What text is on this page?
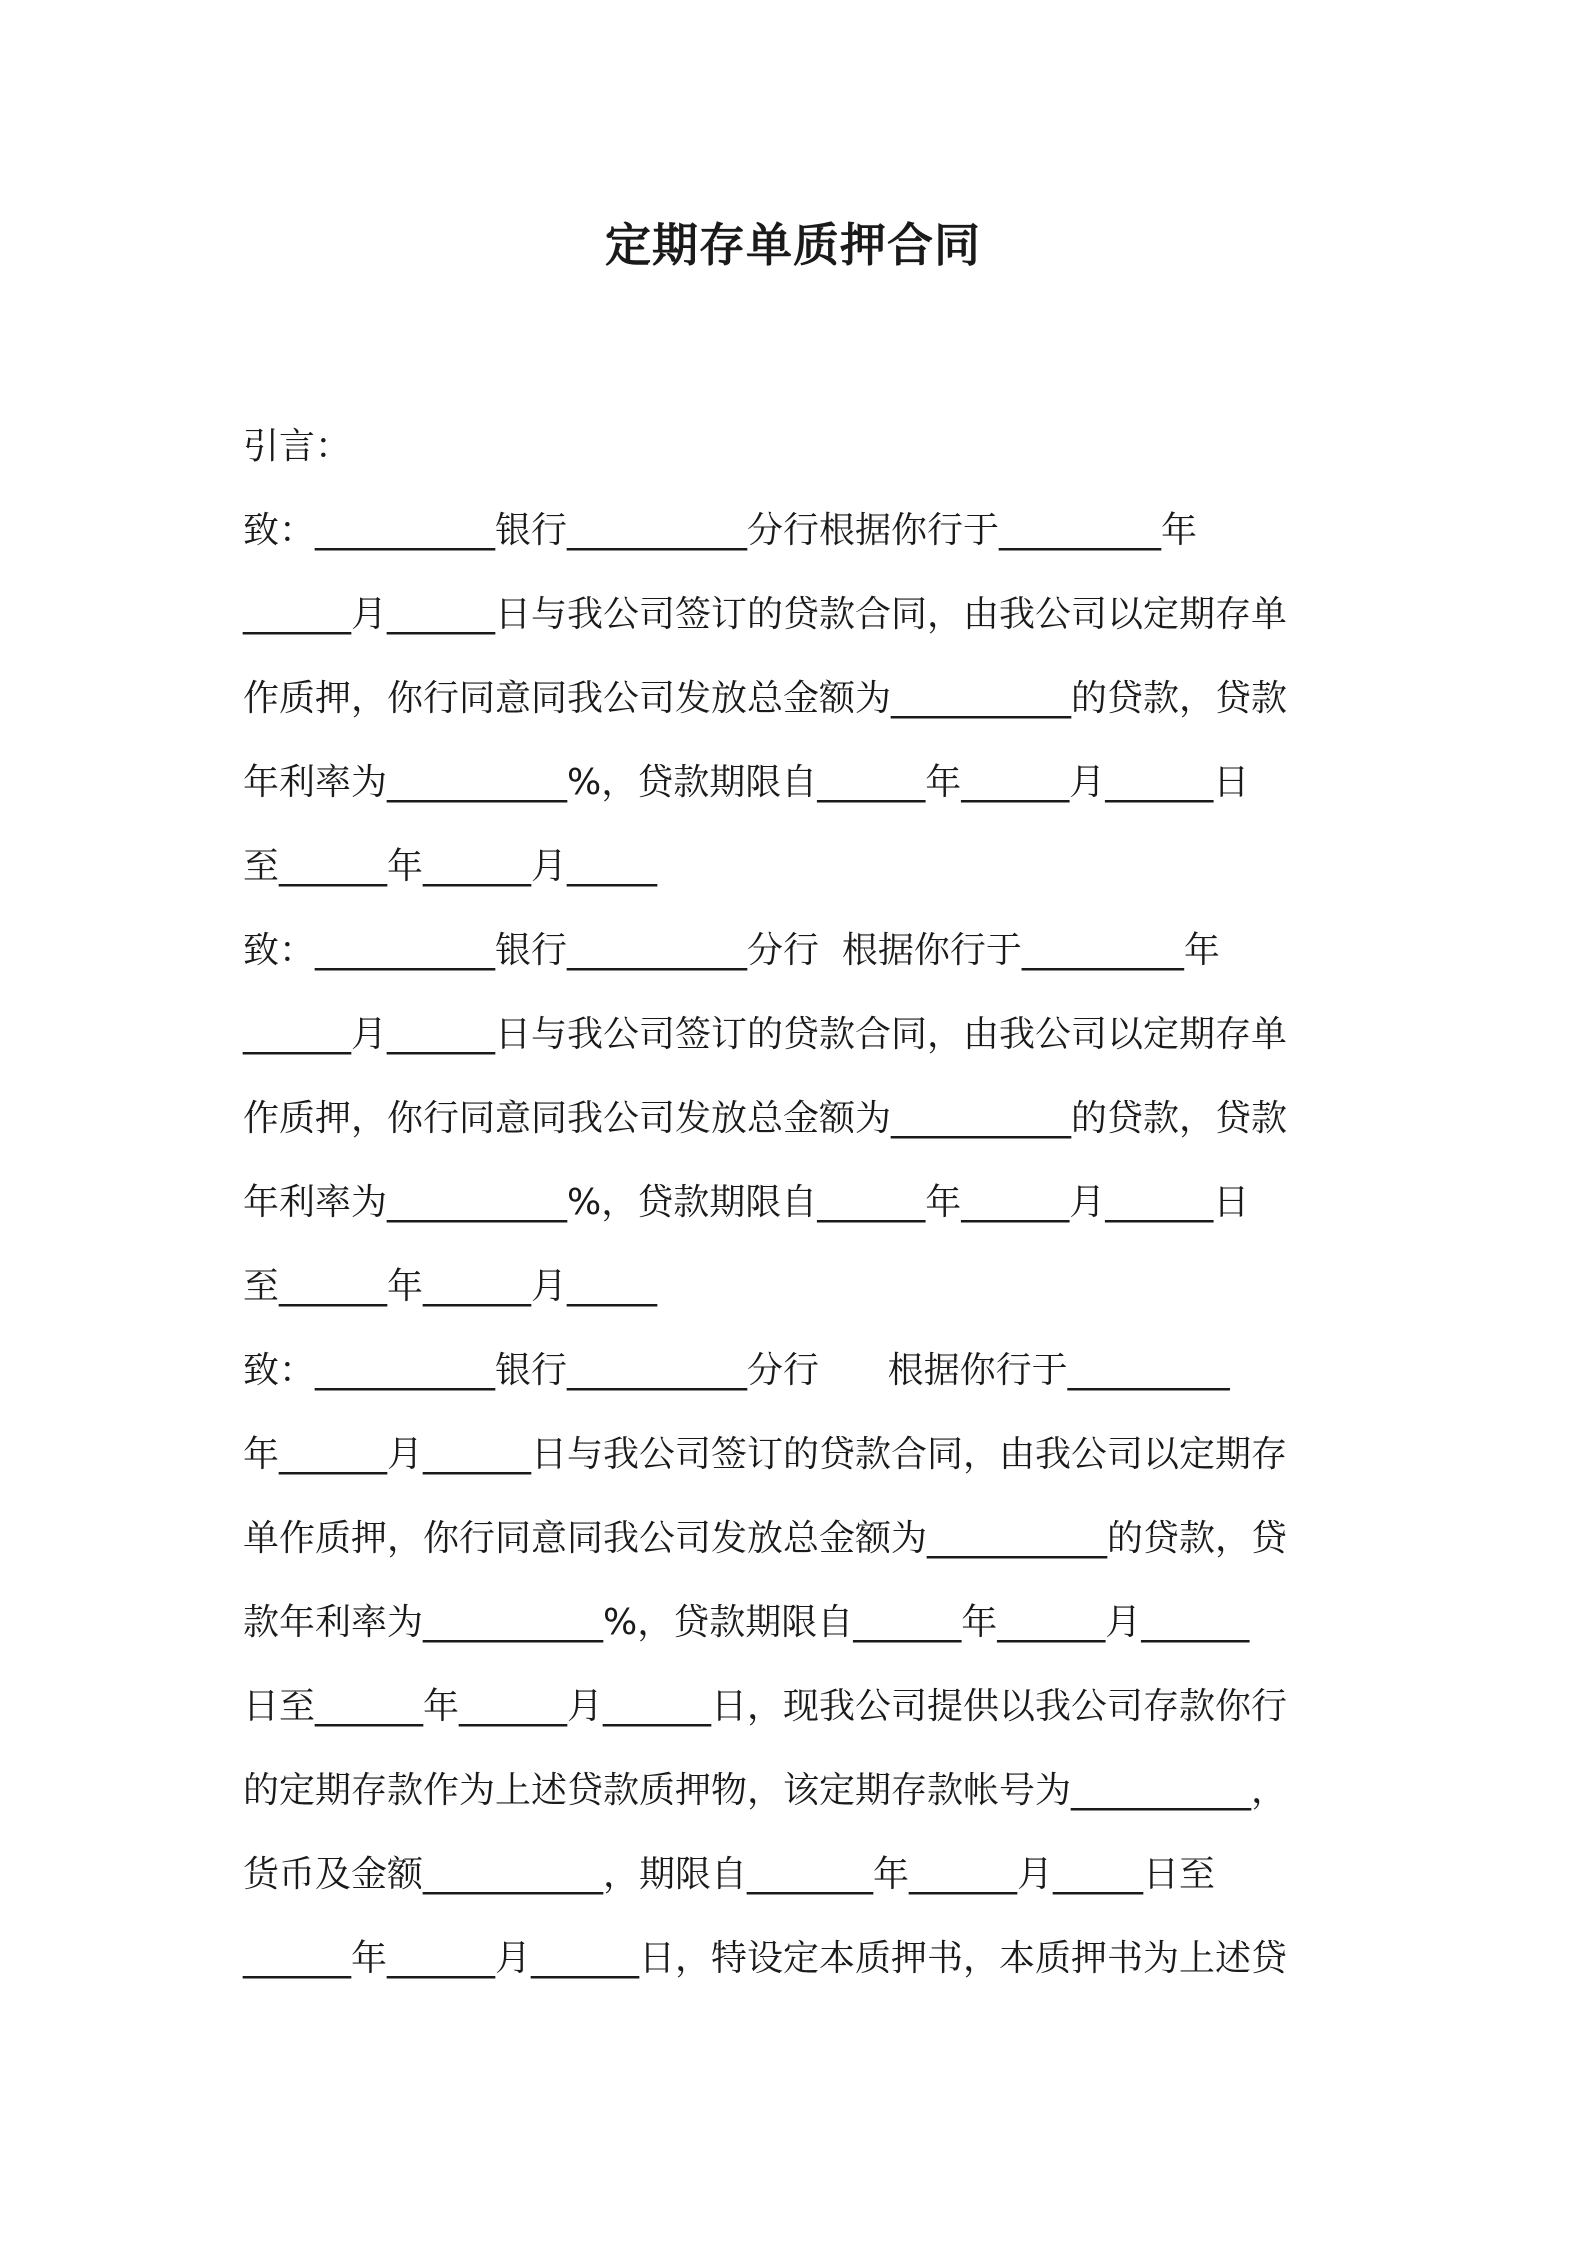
定期存单质押合同

引言：

致：__________银行__________分行根据你行于_________年

______月______日与我公司签订的贷款合同，由我公司以定期存单

作质押，你行同意同我公司发放总金额为__________的贷款，贷款

年利率为__________%，贷款期限自______年______月______日

至______年______月_____

致：__________银行__________分行  根据你行于_________年

______月______日与我公司签订的贷款合同，由我公司以定期存单

作质押，你行同意同我公司发放总金额为__________的贷款，贷款

年利率为__________%，贷款期限自______年______月______日

至______年______月_____

致：__________银行__________分行      根据你行于_________

年______月______日与我公司签订的贷款合同，由我公司以定期存

单作质押，你行同意同我公司发放总金额为__________的贷款，贷

款年利率为__________%，贷款期限自______年______月______

日至______年______月______日，现我公司提供以我公司存款你行

的定期存款作为上述贷款质押物，该定期存款帐号为__________，

货币及金额__________，期限自_______年______月_____日至

______年______月______日，特设定本质押书，本质押书为上述贷
